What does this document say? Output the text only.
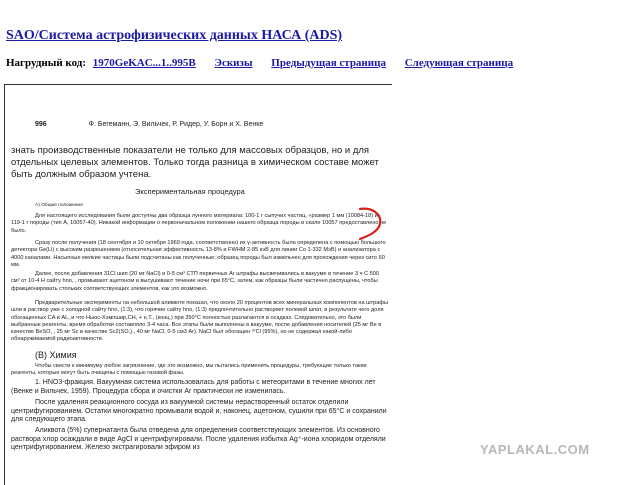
SAO/Система астрофизических данных НАСА (ADS)
Нагрудный код: 1970GeKAC...1..995B Эскизы Предыдущая страница Следующая страница
996	Ф. Бегеманн, Э. Вильчек, Р. Ридер, У. Борн и Х. Венке

знать производственные показатели не только для массовых образцов, но и для отдельных целевых элементов. Только тогда разница в химическом составе может быть должным образом учтена.

Экспериментальная процедура

А) Общие положения

Для настоящего исследования были доступны два образца лунного материала: 100-1 г сыпучих частиц, «размер 1 мм (10084-18) и 119-1 г породы (тип A, 10057-40). Никакой информации о первоначальном положении нашего образца породы в скале 10057 предоставлено не было.

Сразу после получения (18 сентября и 10 октября 1969 года, соответственно) их γ-активность была определена с помощью большого детектора Ge(Li) с высоким разрешением (относительная эффективность 13-8% и FWHM 2-85 кэВ для линии Co 1-332 МэВ) и анализатора с 4000 каналами. Насыпные мелкие частицы были подсчитаны как полученные; образец породы был измельчен для прохождения через сито 60 мм.

Далее, после добавления 31Cl шип (20 мг NaCl) и 0-5 см³ СТП первичных Ar штрафы высвечивались в вакууме в течение 3 ч С 500 см³ от 10-4 Н сайту hno, , промывают ацетоном и высушивают течение ночи при 65°C, затем, как образцы были частично распущены, чтобы фракционировать стольких соответствующих элементов, как это возможно.

Предварительные эксперименты на небольшой аликвоте показал, что около 20 процентов всех минеральных компонентов на штрафы шли в раствор уже с холодной сайту hno, (1:3), что горячие сайту hno, (1:3) предпочтительно растворяет полевой шпат, в результате чего доля обогащенных CA и AL, и что Ньюс-Хэмпшир,СН, + н.Т., (конц.) при 350°С полностью разлагаются в осадках. Следовательно, это были выбранные реагенты, время обработки составляло 3-4 часа. Все этапы были выполнены в вакууме, после добавления носителей (25 мг Be в качестве BeSO, , 25 мг Sc в качестве Sc2(SO,)., 40 мг NaCl, 0-5 см3 Ar). NaCl был обогащен ³⁷Cl (95%), но не содержал какой-либо обнаруживаемой радиоактивности.

(B) Химия

Чтобы свести к минимуму любое загрязнение, где это возможно, мы пытались применить процедуры, требующие только такие реагенты, которые могут быть очищены с помощью газовой фазы.

1. HNO3-фракция. Вакуумная система использовалась для работы с метеоритами в течение многих лет (Венке и Вильчек, 1959). Процедура сбора и очистки Ar практически не изменилась.

После удаления реакционного сосуда из вакуумной системы нерастворенный остаток отделили центрифугированием. Остатки многократно промывали водой и, наконец, ацетоном, сушили при 65°С и сохранили для следующего этапа.

Аликвота (5%) супернатанта была отведена для определения соответствующих элементов. Из основного раствора хлор осаждали в виде AgCl и центрифугировали. После удаления избытка Ag⁺-иона хлоридом отделяли центрифугированием. Железо экстрагировали эфиром из	YAPLAKAL.COM
